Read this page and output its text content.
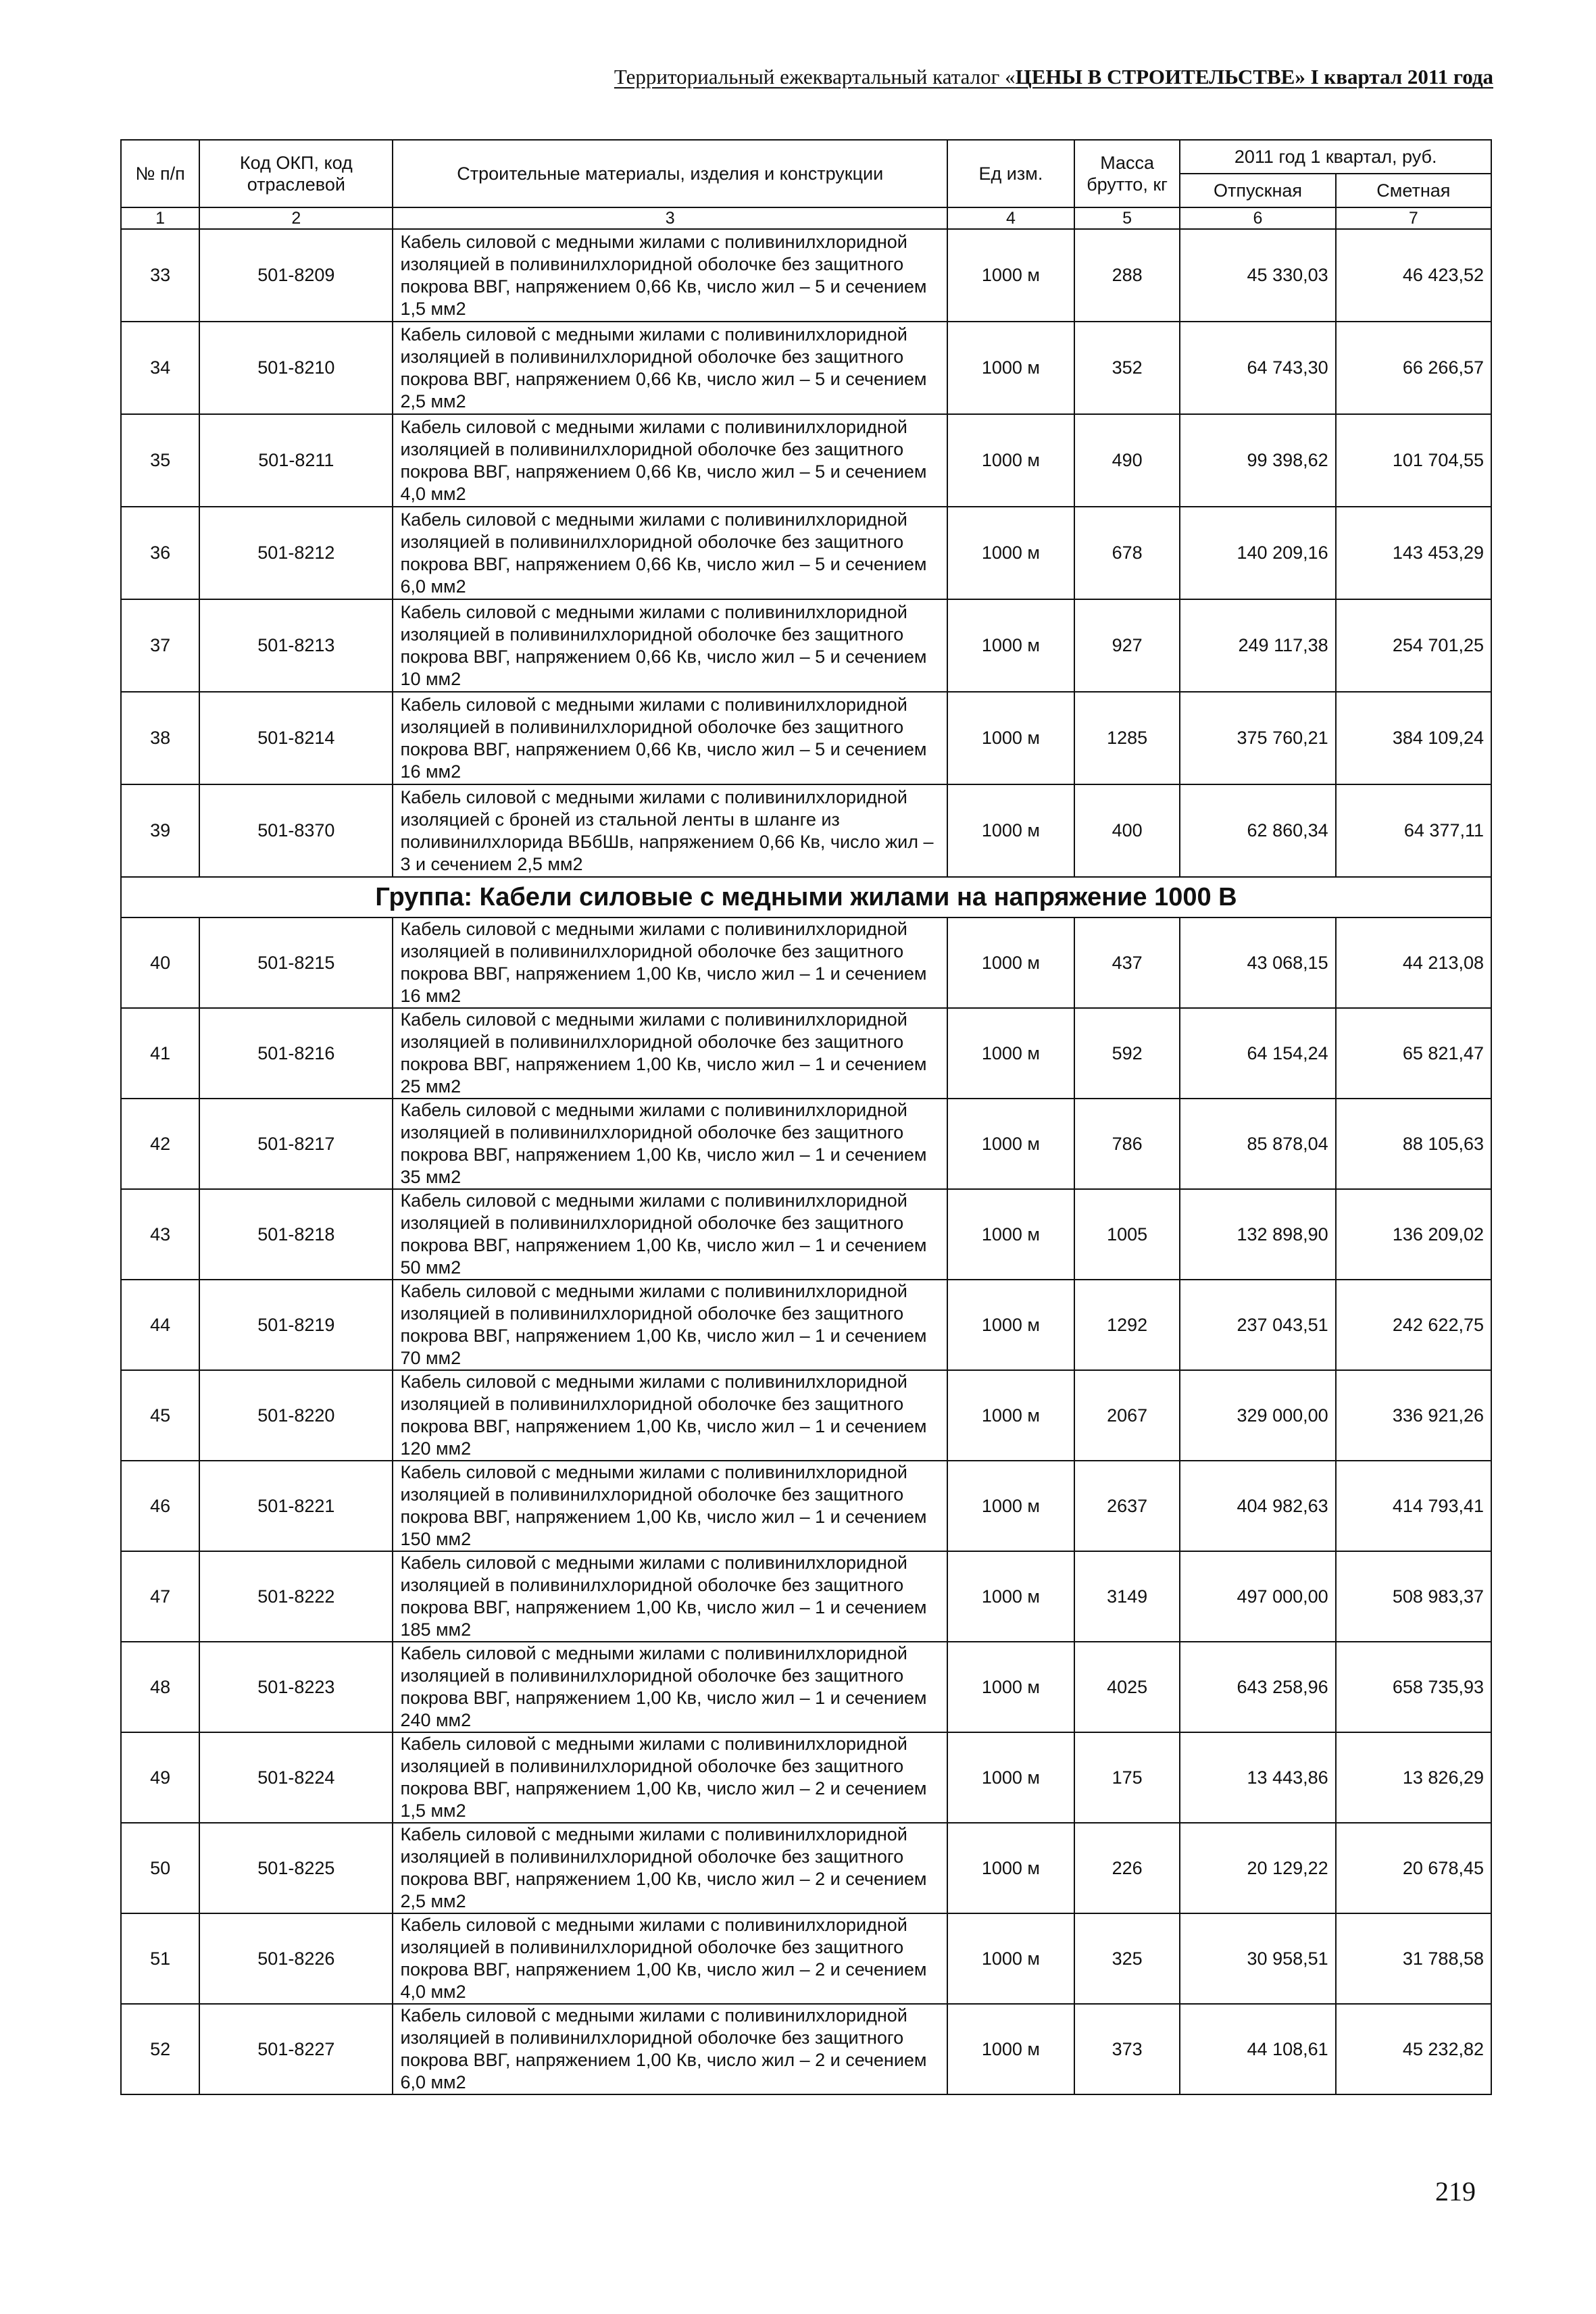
Территориальный ежеквартальный каталог «ЦЕНЫ В СТРОИТЕЛЬСТВЕ» I квартал 2011 года
№ п/п	Код ОКП, код отраслевой	Строительные материалы, изделия и конструкции	Ед изм.	Масса брутто, кг	2011 год 1 квартал, руб.	
					Отпускная	Сметная
1	2	3	4	5	6	7
33	501-8209	Кабель силовой с медными жилами с поливинилхлоридной изоляцией в поливинилхлоридной оболочке без защитного покрова ВВГ, напряжением 0,66 Кв, число жил – 5 и сечением 1,5 мм2	1000 м	288	45 330,03	46 423,52
34	501-8210	Кабель силовой с медными жилами с поливинилхлоридной изоляцией в поливинилхлоридной оболочке без защитного покрова ВВГ, напряжением 0,66 Кв, число жил – 5 и сечением 2,5 мм2	1000 м	352	64 743,30	66 266,57
35	501-8211	Кабель силовой с медными жилами с поливинилхлоридной изоляцией в поливинилхлоридной оболочке без защитного покрова ВВГ, напряжением 0,66 Кв, число жил – 5 и сечением 4,0 мм2	1000 м	490	99 398,62	101 704,55
36	501-8212	Кабель силовой с медными жилами с поливинилхлоридной изоляцией в поливинилхлоридной оболочке без защитного покрова ВВГ, напряжением 0,66 Кв, число жил – 5 и сечением 6,0 мм2	1000 м	678	140 209,16	143 453,29
37	501-8213	Кабель силовой с медными жилами с поливинилхлоридной изоляцией в поливинилхлоридной оболочке без защитного покрова ВВГ, напряжением 0,66 Кв, число жил – 5 и сечением 10 мм2	1000 м	927	249 117,38	254 701,25
38	501-8214	Кабель силовой с медными жилами с поливинилхлоридной изоляцией в поливинилхлоридной оболочке без защитного покрова ВВГ, напряжением 0,66 Кв, число жил – 5 и сечением 16 мм2	1000 м	1285	375 760,21	384 109,24
39	501-8370	Кабель силовой с медными жилами с поливинилхлоридной изоляцией с броней из стальной ленты в шланге из поливинилхлорида ВБбШв, напряжением 0,66 Кв, число жил – 3 и сечением 2,5 мм2	1000 м	400	62 860,34	64 377,11
Группа: Кабели силовые с медными жилами на напряжение 1000 В						
40	501-8215	Кабель силовой с медными жилами с поливинилхлоридной изоляцией в поливинилхлоридной оболочке без защитного покрова ВВГ, напряжением 1,00 Кв, число жил – 1 и сечением 16 мм2	1000 м	437	43 068,15	44 213,08
41	501-8216	Кабель силовой с медными жилами с поливинилхлоридной изоляцией в поливинилхлоридной оболочке без защитного покрова ВВГ, напряжением 1,00 Кв, число жил – 1 и сечением 25 мм2	1000 м	592	64 154,24	65 821,47
42	501-8217	Кабель силовой с медными жилами с поливинилхлоридной изоляцией в поливинилхлоридной оболочке без защитного покрова ВВГ, напряжением 1,00 Кв, число жил – 1 и сечением 35 мм2	1000 м	786	85 878,04	88 105,63
43	501-8218	Кабель силовой с медными жилами с поливинилхлоридной изоляцией в поливинилхлоридной оболочке без защитного покрова ВВГ, напряжением 1,00 Кв, число жил – 1 и сечением 50 мм2	1000 м	1005	132 898,90	136 209,02
44	501-8219	Кабель силовой с медными жилами с поливинилхлоридной изоляцией в поливинилхлоридной оболочке без защитного покрова ВВГ, напряжением 1,00 Кв, число жил – 1 и сечением 70 мм2	1000 м	1292	237 043,51	242 622,75
45	501-8220	Кабель силовой с медными жилами с поливинилхлоридной изоляцией в поливинилхлоридной оболочке без защитного покрова ВВГ, напряжением 1,00 Кв, число жил – 1 и сечением 120 мм2	1000 м	2067	329 000,00	336 921,26
46	501-8221	Кабель силовой с медными жилами с поливинилхлоридной изоляцией в поливинилхлоридной оболочке без защитного покрова ВВГ, напряжением 1,00 Кв, число жил – 1 и сечением 150 мм2	1000 м	2637	404 982,63	414 793,41
47	501-8222	Кабель силовой с медными жилами с поливинилхлоридной изоляцией в поливинилхлоридной оболочке без защитного покрова ВВГ, напряжением 1,00 Кв, число жил – 1 и сечением 185 мм2	1000 м	3149	497 000,00	508 983,37
48	501-8223	Кабель силовой с медными жилами с поливинилхлоридной изоляцией в поливинилхлоридной оболочке без защитного покрова ВВГ, напряжением 1,00 Кв, число жил – 1 и сечением 240 мм2	1000 м	4025	643 258,96	658 735,93
49	501-8224	Кабель силовой с медными жилами с поливинилхлоридной изоляцией в поливинилхлоридной оболочке без защитного покрова ВВГ, напряжением 1,00 Кв, число жил – 2 и сечением 1,5 мм2	1000 м	175	13 443,86	13 826,29
50	501-8225	Кабель силовой с медными жилами с поливинилхлоридной изоляцией в поливинилхлоридной оболочке без защитного покрова ВВГ, напряжением 1,00 Кв, число жил – 2 и сечением 2,5 мм2	1000 м	226	20 129,22	20 678,45
51	501-8226	Кабель силовой с медными жилами с поливинилхлоридной изоляцией в поливинилхлоридной оболочке без защитного покрова ВВГ, напряжением 1,00 Кв, число жил – 2 и сечением 4,0 мм2	1000 м	325	30 958,51	31 788,58
52	501-8227	Кабель силовой с медными жилами с поливинилхлоридной изоляцией в поливинилхлоридной оболочке без защитного покрова ВВГ, напряжением 1,00 Кв, число жил – 2 и сечением 6,0 мм2	1000 м	373	44 108,61	45 232,82
219
